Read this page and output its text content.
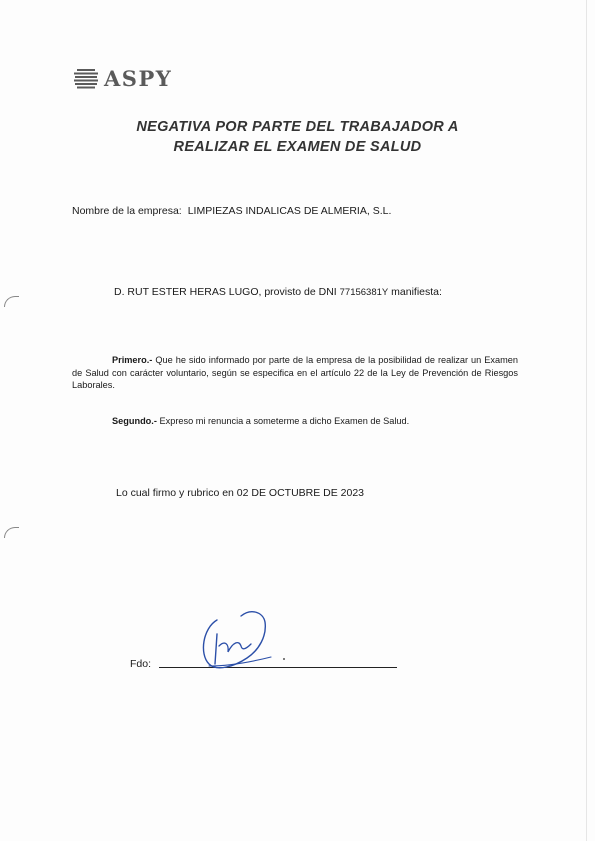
ASPY
NEGATIVA POR PARTE DEL TRABAJADOR A
REALIZAR EL EXAMEN DE SALUD
Nombre de la empresa: LIMPIEZAS INDALICAS DE ALMERIA, S.L.
D. RUT ESTER HERAS LUGO, provisto de DNI 77156381Y manifiesta:
Primero.- Que he sido informado por parte de la empresa de la posibilidad de realizar un Examen de Salud con carácter voluntario, según se especifica en el artículo 22 de la Ley de Prevención de Riesgos Laborales.
Segundo.- Expreso mi renuncia a someterme a dicho Examen de Salud.
Lo cual firmo y rubrico en 02 DE OCTUBRE DE 2023
Fdo:
